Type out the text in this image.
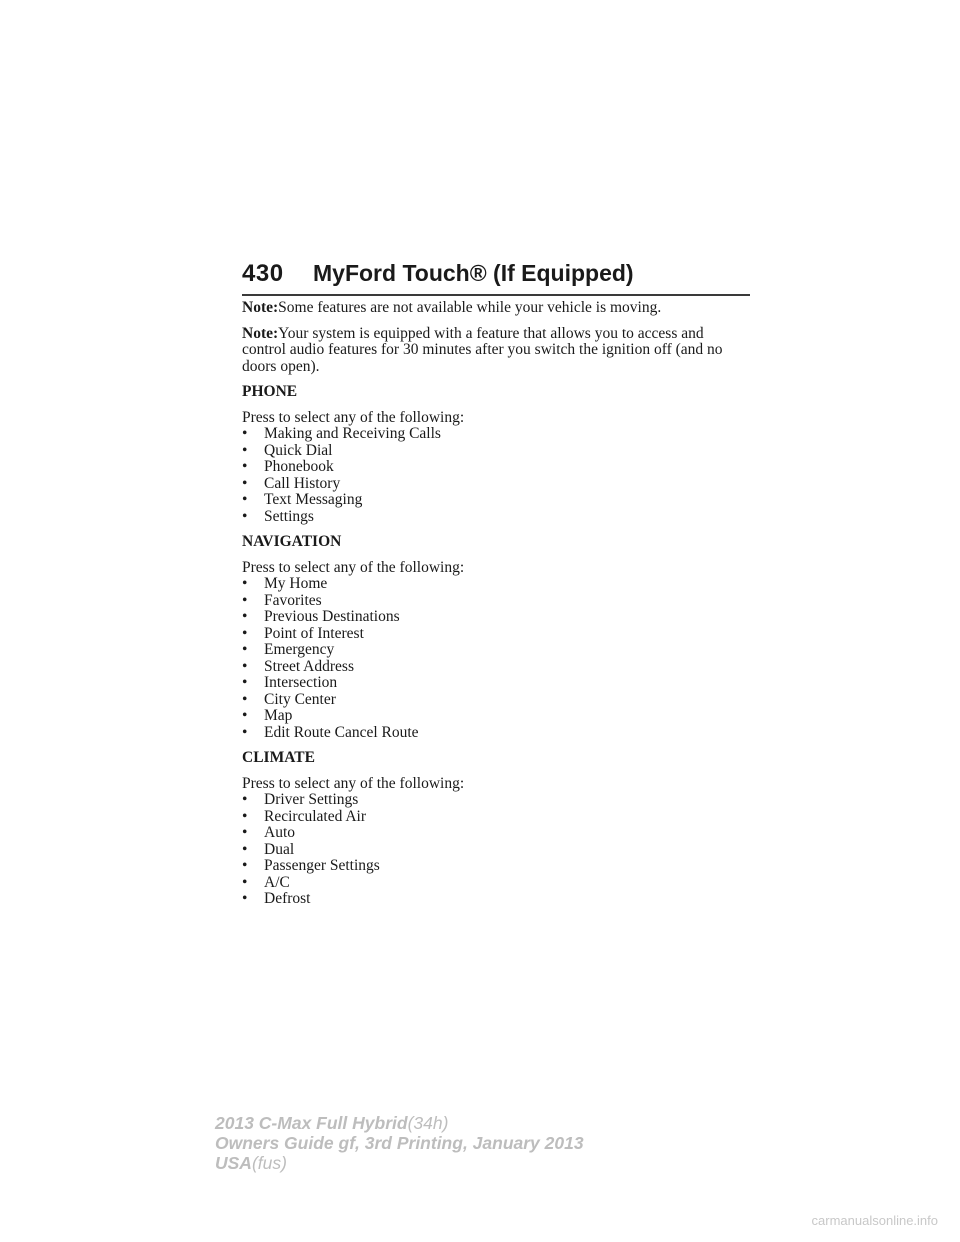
430 MyFord Touch® (If Equipped)

Note:Some features are not available while your vehicle is moving.

Note:Your system is equipped with a feature that allows you to access and control audio features for 30 minutes after you switch the ignition off (and no doors open).

PHONE

Press to select any of the following:

•	Making and Receiving Calls
•	Quick Dial
•	Phonebook
•	Call History
•	Text Messaging
•	Settings
NAVIGATION

Press to select any of the following:

•	My Home
•	Favorites
•	Previous Destinations
•	Point of Interest
•	Emergency
•	Street Address
•	Intersection
•	City Center
•	Map
•	Edit Route Cancel Route
CLIMATE

Press to select any of the following:

•	Driver Settings
•	Recirculated Air
•	Auto
•	Dual
•	Passenger Settings
•	A/C
•	Defrost
2013 C-Max Full Hybrid(34h)
Owners Guide gf, 3rd Printing, January 2013
USA(fus)
carmanualsonline.info
